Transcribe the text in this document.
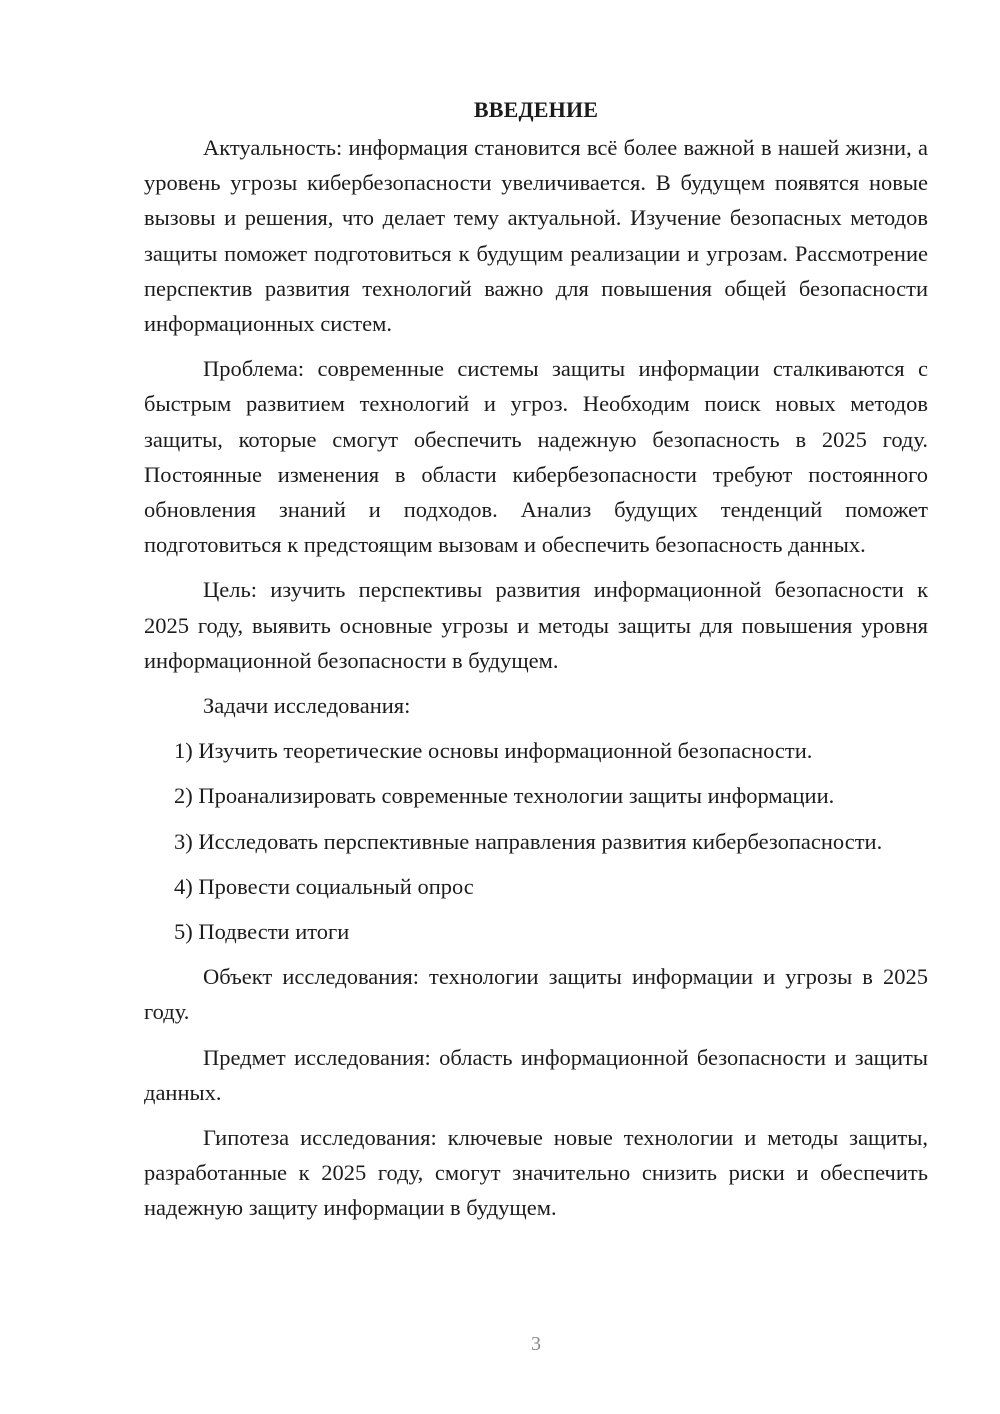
ВВЕДЕНИЕ

Актуальность: информация становится всё более важной в нашей жизни, а уровень угрозы кибербезопасности увеличивается. В будущем появятся новые вызовы и решения, что делает тему актуальной. Изучение безопасных методов защиты поможет подготовиться к будущим реализации и угрозам. Рассмотрение перспектив развития технологий важно для повышения общей безопасности информационных систем.

Проблема: современные системы защиты информации сталкиваются с быстрым развитием технологий и угроз. Необходим поиск новых методов защиты, которые смогут обеспечить надежную безопасность в 2025 году. Постоянные изменения в области кибербезопасности требуют постоянного обновления знаний и подходов. Анализ будущих тенденций поможет подготовиться к предстоящим вызовам и обеспечить безопасность данных.

Цель: изучить перспективы развития информационной безопасности к 2025 году, выявить основные угрозы и методы защиты для повышения уровня информационной безопасности в будущем.

Задачи исследования:

1) Изучить теоретические основы информационной безопасности.

2) Проанализировать современные технологии защиты информации.

3) Исследовать перспективные направления развития кибербезопасности.

4) Провести социальный опрос

5) Подвести итоги

Объект исследования: технологии защиты информации и угрозы в 2025 году.

Предмет исследования: область информационной безопасности и защиты данных.

Гипотеза исследования: ключевые новые технологии и методы защиты, разработанные к 2025 году, смогут значительно снизить риски и обеспечить надежную защиту информации в будущем.

3
